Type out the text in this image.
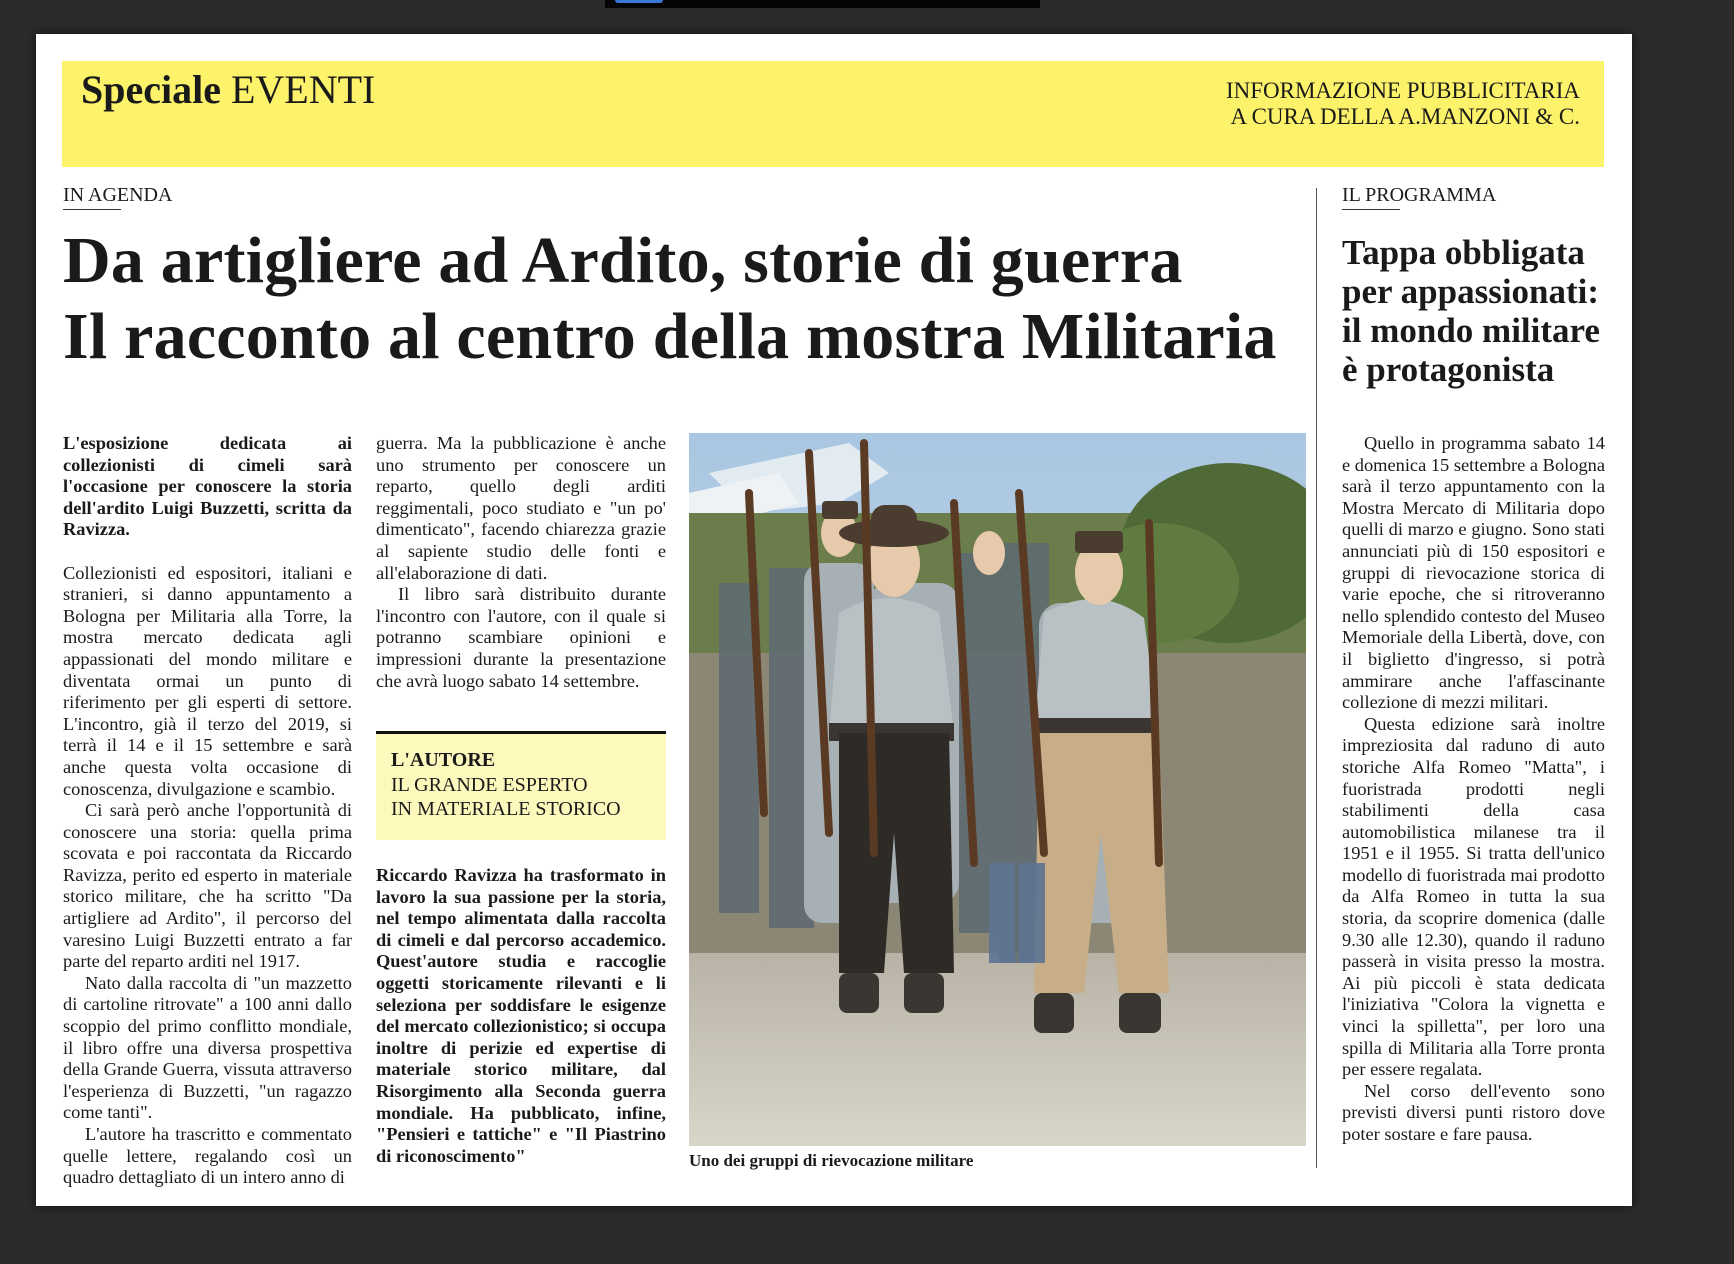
Speciale EVENTI	INFORMAZIONE PUBBLICITARIA
A CURA DELLA A.MANZONI & C.
IN AGENDA
Da artigliere ad Ardito, storie di guerra
Il racconto al centro della mostra Militaria
IL PROGRAMMA
Tappa obbligata
per appassionati:
il mondo militare
è protagonista

L'esposizione dedicata ai collezionisti di cimeli sarà l'occasione per conoscere la storia dell'ardito Luigi Buzzetti, scritta da Ravizza.

Collezionisti ed espositori, italiani e stranieri, si danno appuntamento a Bologna per Militaria alla Torre, la mostra mercato dedicata agli appassionati del mondo militare e diventata ormai un punto di riferimento per gli esperti di settore. L'incontro, già il terzo del 2019, si terrà il 14 e il 15 settembre e sarà anche questa volta occasione di conoscenza, divulgazione e scambio.

Ci sarà però anche l'opportunità di conoscere una storia: quella prima scovata e poi raccontata da Riccardo Ravizza, perito ed esperto in materiale storico militare, che ha scritto "Da artigliere ad Ardito", il percorso del varesino Luigi Buzzetti entrato a far parte del reparto arditi nel 1917.

Nato dalla raccolta di "un mazzetto di cartoline ritrovate" a 100 anni dallo scoppio del primo conflitto mondiale, il libro offre una diversa prospettiva della Grande Guerra, vissuta attraverso l'esperienza di Buzzetti, "un ragazzo come tanti".

L'autore ha trascritto e commentato quelle lettere, regalando così un quadro dettagliato di un intero anno di

guerra. Ma la pubblicazione è anche uno strumento per conoscere un reparto, quello degli arditi reggimentali, poco studiato e "un po' dimenticato", facendo chiarezza grazie al sapiente studio delle fonti e all'elaborazione di dati.

Il libro sarà distribuito durante l'incontro con l'autore, con il quale si potranno scambiare opinioni e impressioni durante la presentazione che avrà luogo sabato 14 settembre.

L'AUTORE
IL GRANDE ESPERTO
IN MATERIALE STORICO

Riccardo Ravizza ha trasformato in lavoro la sua passione per la storia, nel tempo alimentata dalla raccolta di cimeli e dal percorso accademico. Quest'autore studia e raccoglie oggetti storicamente rilevanti e li seleziona per soddisfare le esigenze del mercato collezionistico; si occupa inoltre di perizie ed expertise di materiale storico militare, dal Risorgimento alla Seconda guerra mondiale. Ha pubblicato, infine, "Pensieri e tattiche" e "Il Piastrino di riconoscimento"	Uno dei gruppi di rievocazione militare

Quello in programma sabato 14 e domenica 15 settembre a Bologna sarà il terzo appuntamento con la Mostra Mercato di Militaria dopo quelli di marzo e giugno. Sono stati annunciati più di 150 espositori e gruppi di rievocazione storica di varie epoche, che si ritroveranno nello splendido contesto del Museo Memoriale della Libertà, dove, con il biglietto d'ingresso, si potrà ammirare anche l'affascinante collezione di mezzi militari.

Questa edizione sarà inoltre impreziosita dal raduno di auto storiche Alfa Romeo "Matta", i fuoristrada prodotti negli stabilimenti della casa automobilistica milanese tra il 1951 e il 1955. Si tratta dell'unico modello di fuoristrada mai prodotto da Alfa Romeo in tutta la sua storia, da scoprire domenica (dalle 9.30 alle 12.30), quando il raduno passerà in visita presso la mostra. Ai più piccoli è stata dedicata l'iniziativa "Colora la vignetta e vinci la spilletta", per loro una spilla di Militaria alla Torre pronta per essere regalata.

Nel corso dell'evento sono previsti diversi punti ristoro dove poter sostare e fare pausa.
